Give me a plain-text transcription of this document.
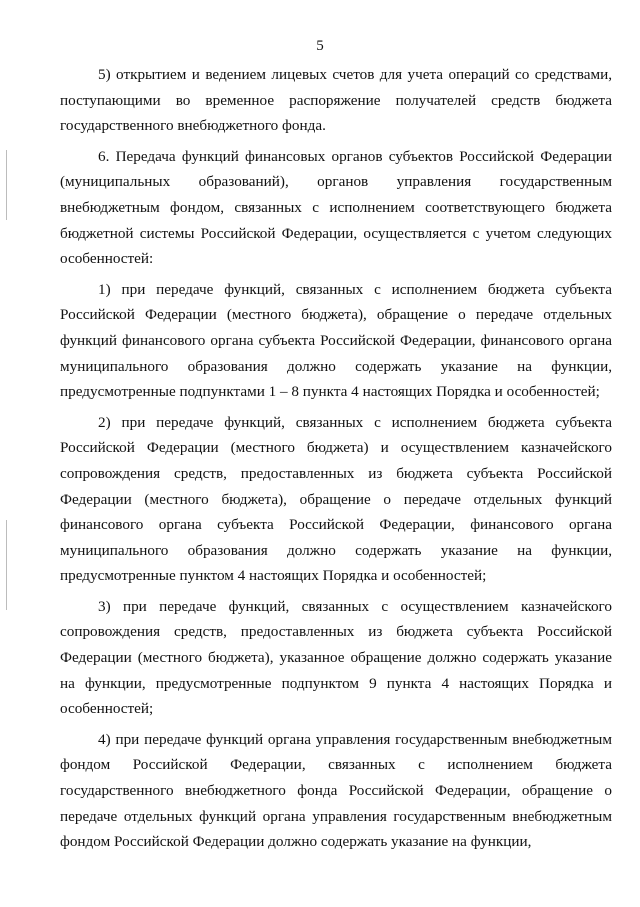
5

5) открытием и ведением лицевых счетов для учета операций со средствами, поступающими во временное распоряжение получателей средств бюджета государственного внебюджетного фонда.

6. Передача функций финансовых органов субъектов Российской Федерации (муниципальных образований), органов управления государственным внебюджетным фондом, связанных с исполнением соответствующего бюджета бюджетной системы Российской Федерации, осуществляется с учетом следующих особенностей:

1) при передаче функций, связанных с исполнением бюджета субъекта Российской Федерации (местного бюджета), обращение о передаче отдельных функций финансового органа субъекта Российской Федерации, финансового органа муниципального образования должно содержать указание на функции, предусмотренные подпунктами 1 – 8 пункта 4 настоящих Порядка и особенностей;

2) при передаче функций, связанных с исполнением бюджета субъекта Российской Федерации (местного бюджета) и осуществлением казначейского сопровождения средств, предоставленных из бюджета субъекта Российской Федерации (местного бюджета), обращение о передаче отдельных функций финансового органа субъекта Российской Федерации, финансового органа муниципального образования должно содержать указание на функции, предусмотренные пунктом 4 настоящих Порядка и особенностей;

3) при передаче функций, связанных с осуществлением казначейского сопровождения средств, предоставленных из бюджета субъекта Российской Федерации (местного бюджета), указанное обращение должно содержать указание на функции, предусмотренные подпунктом 9 пункта 4 настоящих Порядка и особенностей;

4) при передаче функций органа управления государственным внебюджетным фондом Российской Федерации, связанных с исполнением бюджета государственного внебюджетного фонда Российской Федерации, обращение о передаче отдельных функций органа управления государственным внебюджетным фондом Российской Федерации должно содержать указание на функции,
